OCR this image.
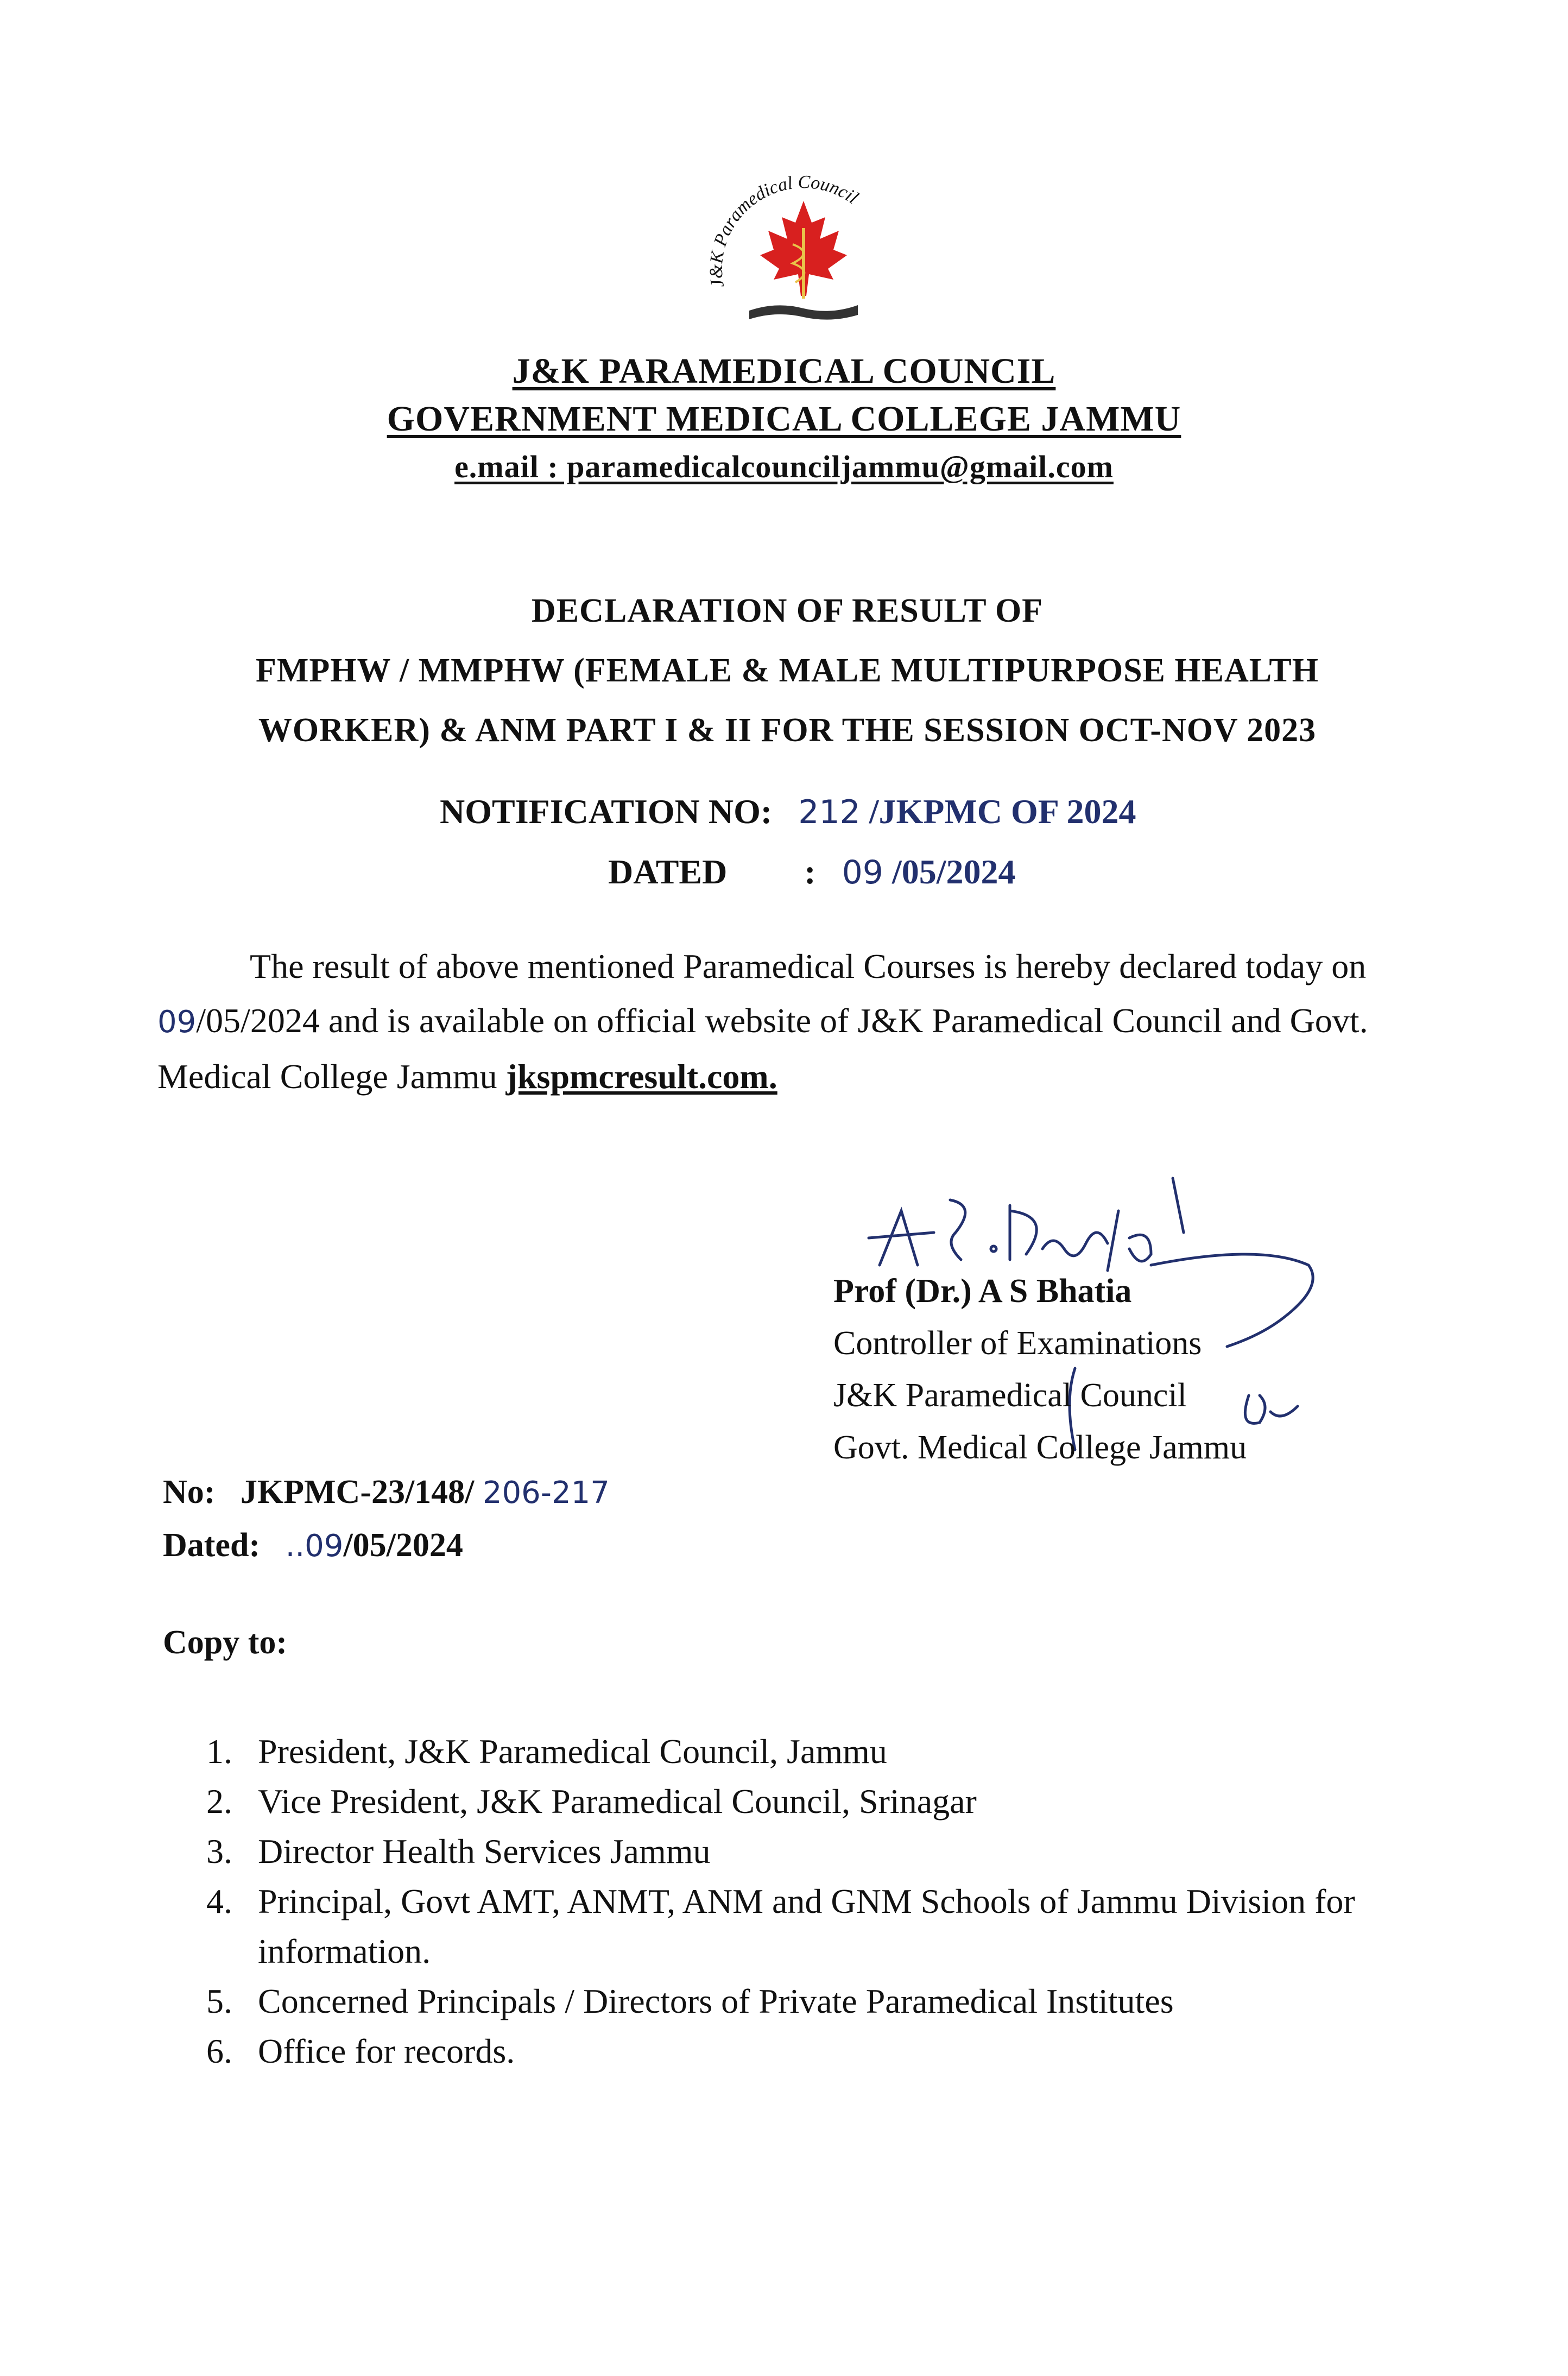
J&K Paramedical Council
J&K PARAMEDICAL COUNCIL
GOVERNMENT MEDICAL COLLEGE JAMMU
e.mail : paramedicalcounciljammu@gmail.com
DECLARATION OF RESULT OF
FMPHW / MMPHW (FEMALE & MALE MULTIPURPOSE HEALTH
WORKER) & ANM PART I & II FOR THE SESSION OCT-NOV 2023
NOTIFICATION NO: 212 /JKPMC OF 2024
DATED : 09 /05/2024
The result of above mentioned Paramedical Courses is hereby declared today on 09/05/2024 and is available on official website of J&K Paramedical Council and Govt. Medical College Jammu jkspmcresult.com.
Prof (Dr.) A S Bhatia
Controller of Examinations
J&K Paramedical Council
Govt. Medical College Jammu
No: JKPMC-23/148/ 206-217
Dated: ..09/05/2024
Copy to:
1. President, J&K Paramedical Council, Jammu
2. Vice President, J&K Paramedical Council, Srinagar
3. Director Health Services Jammu
4. Principal, Govt AMT, ANMT, ANM and GNM Schools of Jammu Division for information.
5. Concerned Principals / Directors of Private Paramedical Institutes
6. Office for records.
